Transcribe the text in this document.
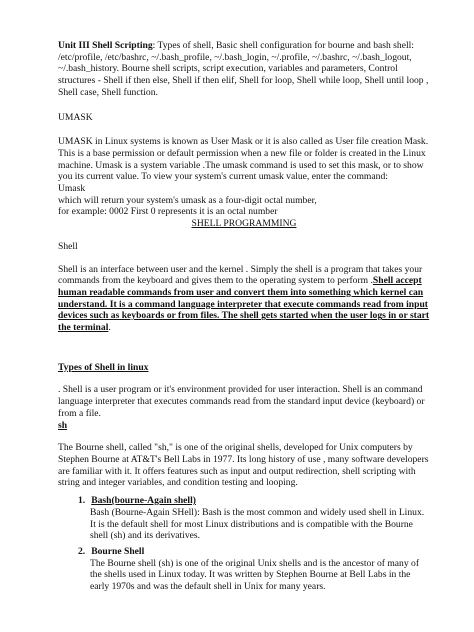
Unit III Shell Scripting: Types of shell, Basic shell configuration for bourne and bash shell: /etc/profile, /etc/bashrc, ~/.bash_profile, ~/.bash_login, ~/.profile, ~/.bashrc, ~/.bash_logout, ~/.bash_history. Bourne shell scripts, script execution, variables and parameters, Control structures - Shell if then else, Shell if then elif, Shell for loop, Shell while loop, Shell until loop , Shell case, Shell function.

UMASK

UMASK in Linux systems is known as User Mask or it is also called as User file creation Mask. This is a base permission or default permission when a new file or folder is created in the Linux machine. Umask is a system variable .The umask command is used to set this mask, or to show you its current value. To view your system's current umask value, enter the command:

Umask

which will return your system's umask as a four-digit octal number,

for example: 0002 First 0 represents it is an octal number

SHELL PROGRAMMING

Shell

Shell is an interface between user and the kernel . Simply the shell is a program that takes your commands from the keyboard and gives them to the operating system to perform .Shell accept human readable commands from user and convert them into something which kernel can understand. It is a command language interpreter that execute commands read from input devices such as keyboards or from files. The shell gets started when the user logs in or start the terminal.

Types of Shell in linux

. Shell is a user program or it's environment provided for user interaction. Shell is an command language interpreter that executes commands read from the standard input device (keyboard) or from a file.

sh

The Bourne shell, called "sh," is one of the original shells, developed for Unix computers by Stephen Bourne at AT&T's Bell Labs in 1977. Its long history of use , many software developers are familiar with it. It offers features such as input and output redirection, shell scripting with string and integer variables, and condition testing and looping.

1. Bash(bourne-Again shell)

Bash (Bourne-Again SHell): Bash is the most common and widely used shell in Linux. It is the default shell for most Linux distributions and is compatible with the Bourne shell (sh) and its derivatives.

2. Bourne Shell

The Bourne shell (sh) is one of the original Unix shells and is the ancestor of many of the shells used in Linux today. It was written by Stephen Bourne at Bell Labs in the early 1970s and was the default shell in Unix for many years.
